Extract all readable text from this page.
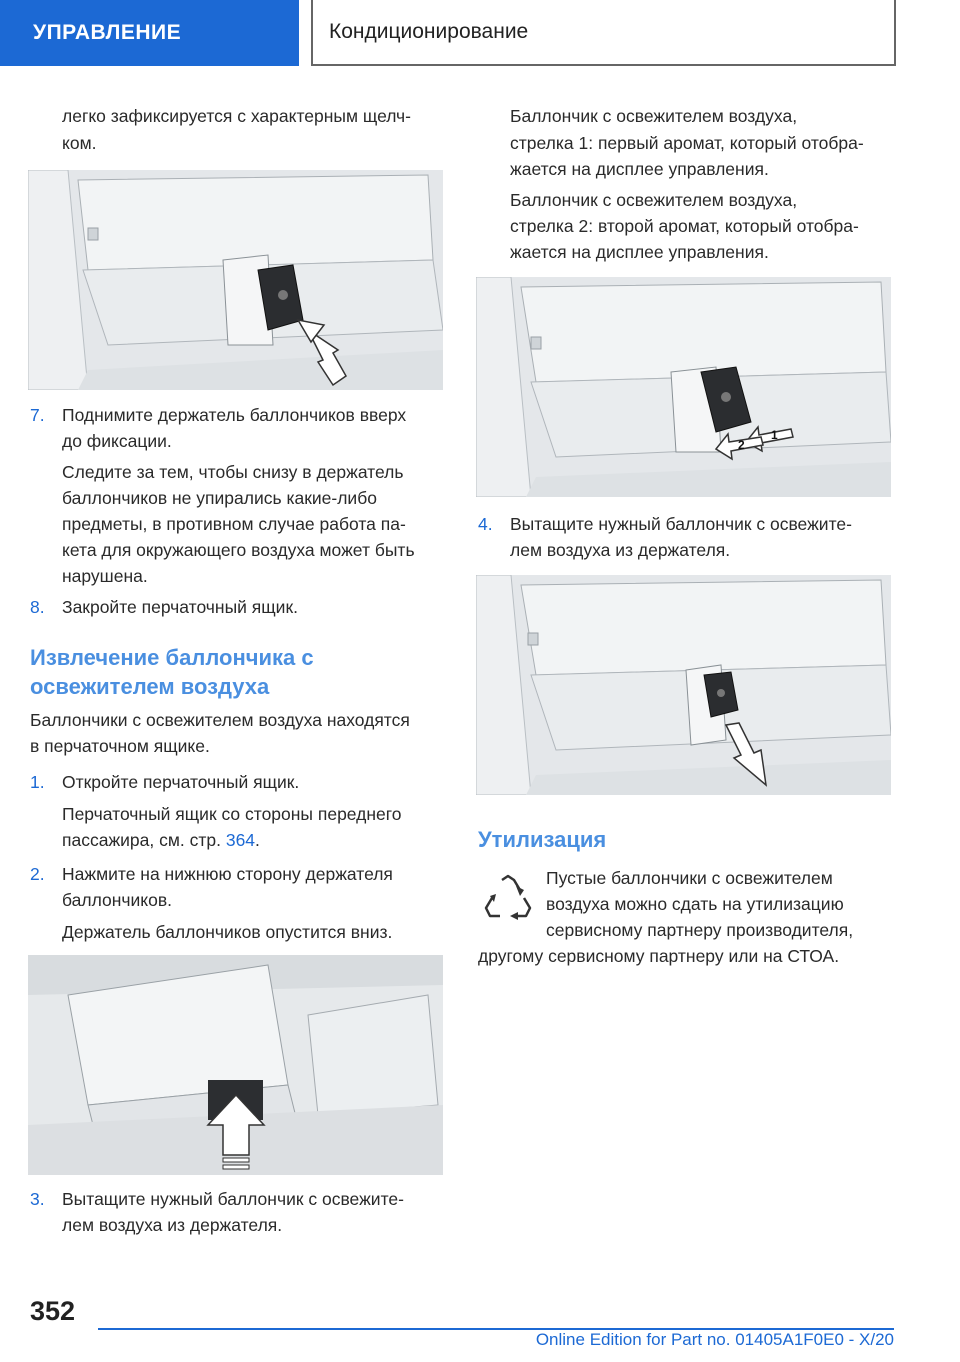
УПРАВЛЕНИЕ	Кондиционирование

легко зафиксируется с характерным щелч-

ком.

7. Поднимите держатель баллончиков вверх

до фиксации.

Следите за тем, чтобы снизу в держатель

баллончиков не упирались какие-либо

предметы, в противном случае работа па-

кета для окружающего воздуха может быть

нарушена.

8. Закройте перчаточный ящик.

Извлечение баллончика с
освежителем воздуха

Баллончики с освежителем воздуха находятся

в перчаточном ящике.

1. Откройте перчаточный ящик.

Перчаточный ящик со стороны переднего

пассажира, см. стр. 364.

2. Нажмите на нижнюю сторону держателя

баллончиков.

Держатель баллончиков опустится вниз.

3. Вытащите нужный баллончик с освежите-

лем воздуха из держателя.

Баллончик с освежителем воздуха,

стрелка 1: первый аромат, который отобра-

жается на дисплее управления.

Баллончик с освежителем воздуха,

стрелка 2: второй аромат, который отобра-

жается на дисплее управления.

1
2
4. Вытащите нужный баллончик с освежите-

лем воздуха из держателя.

Утилизация

Пустые баллончики с освежителем

воздуха можно сдать на утилизацию

сервисному партнеру производителя,

другому сервисному партнеру или на СТОА.

352
Online Edition for Part no. 01405A1F0E0 - X/20
